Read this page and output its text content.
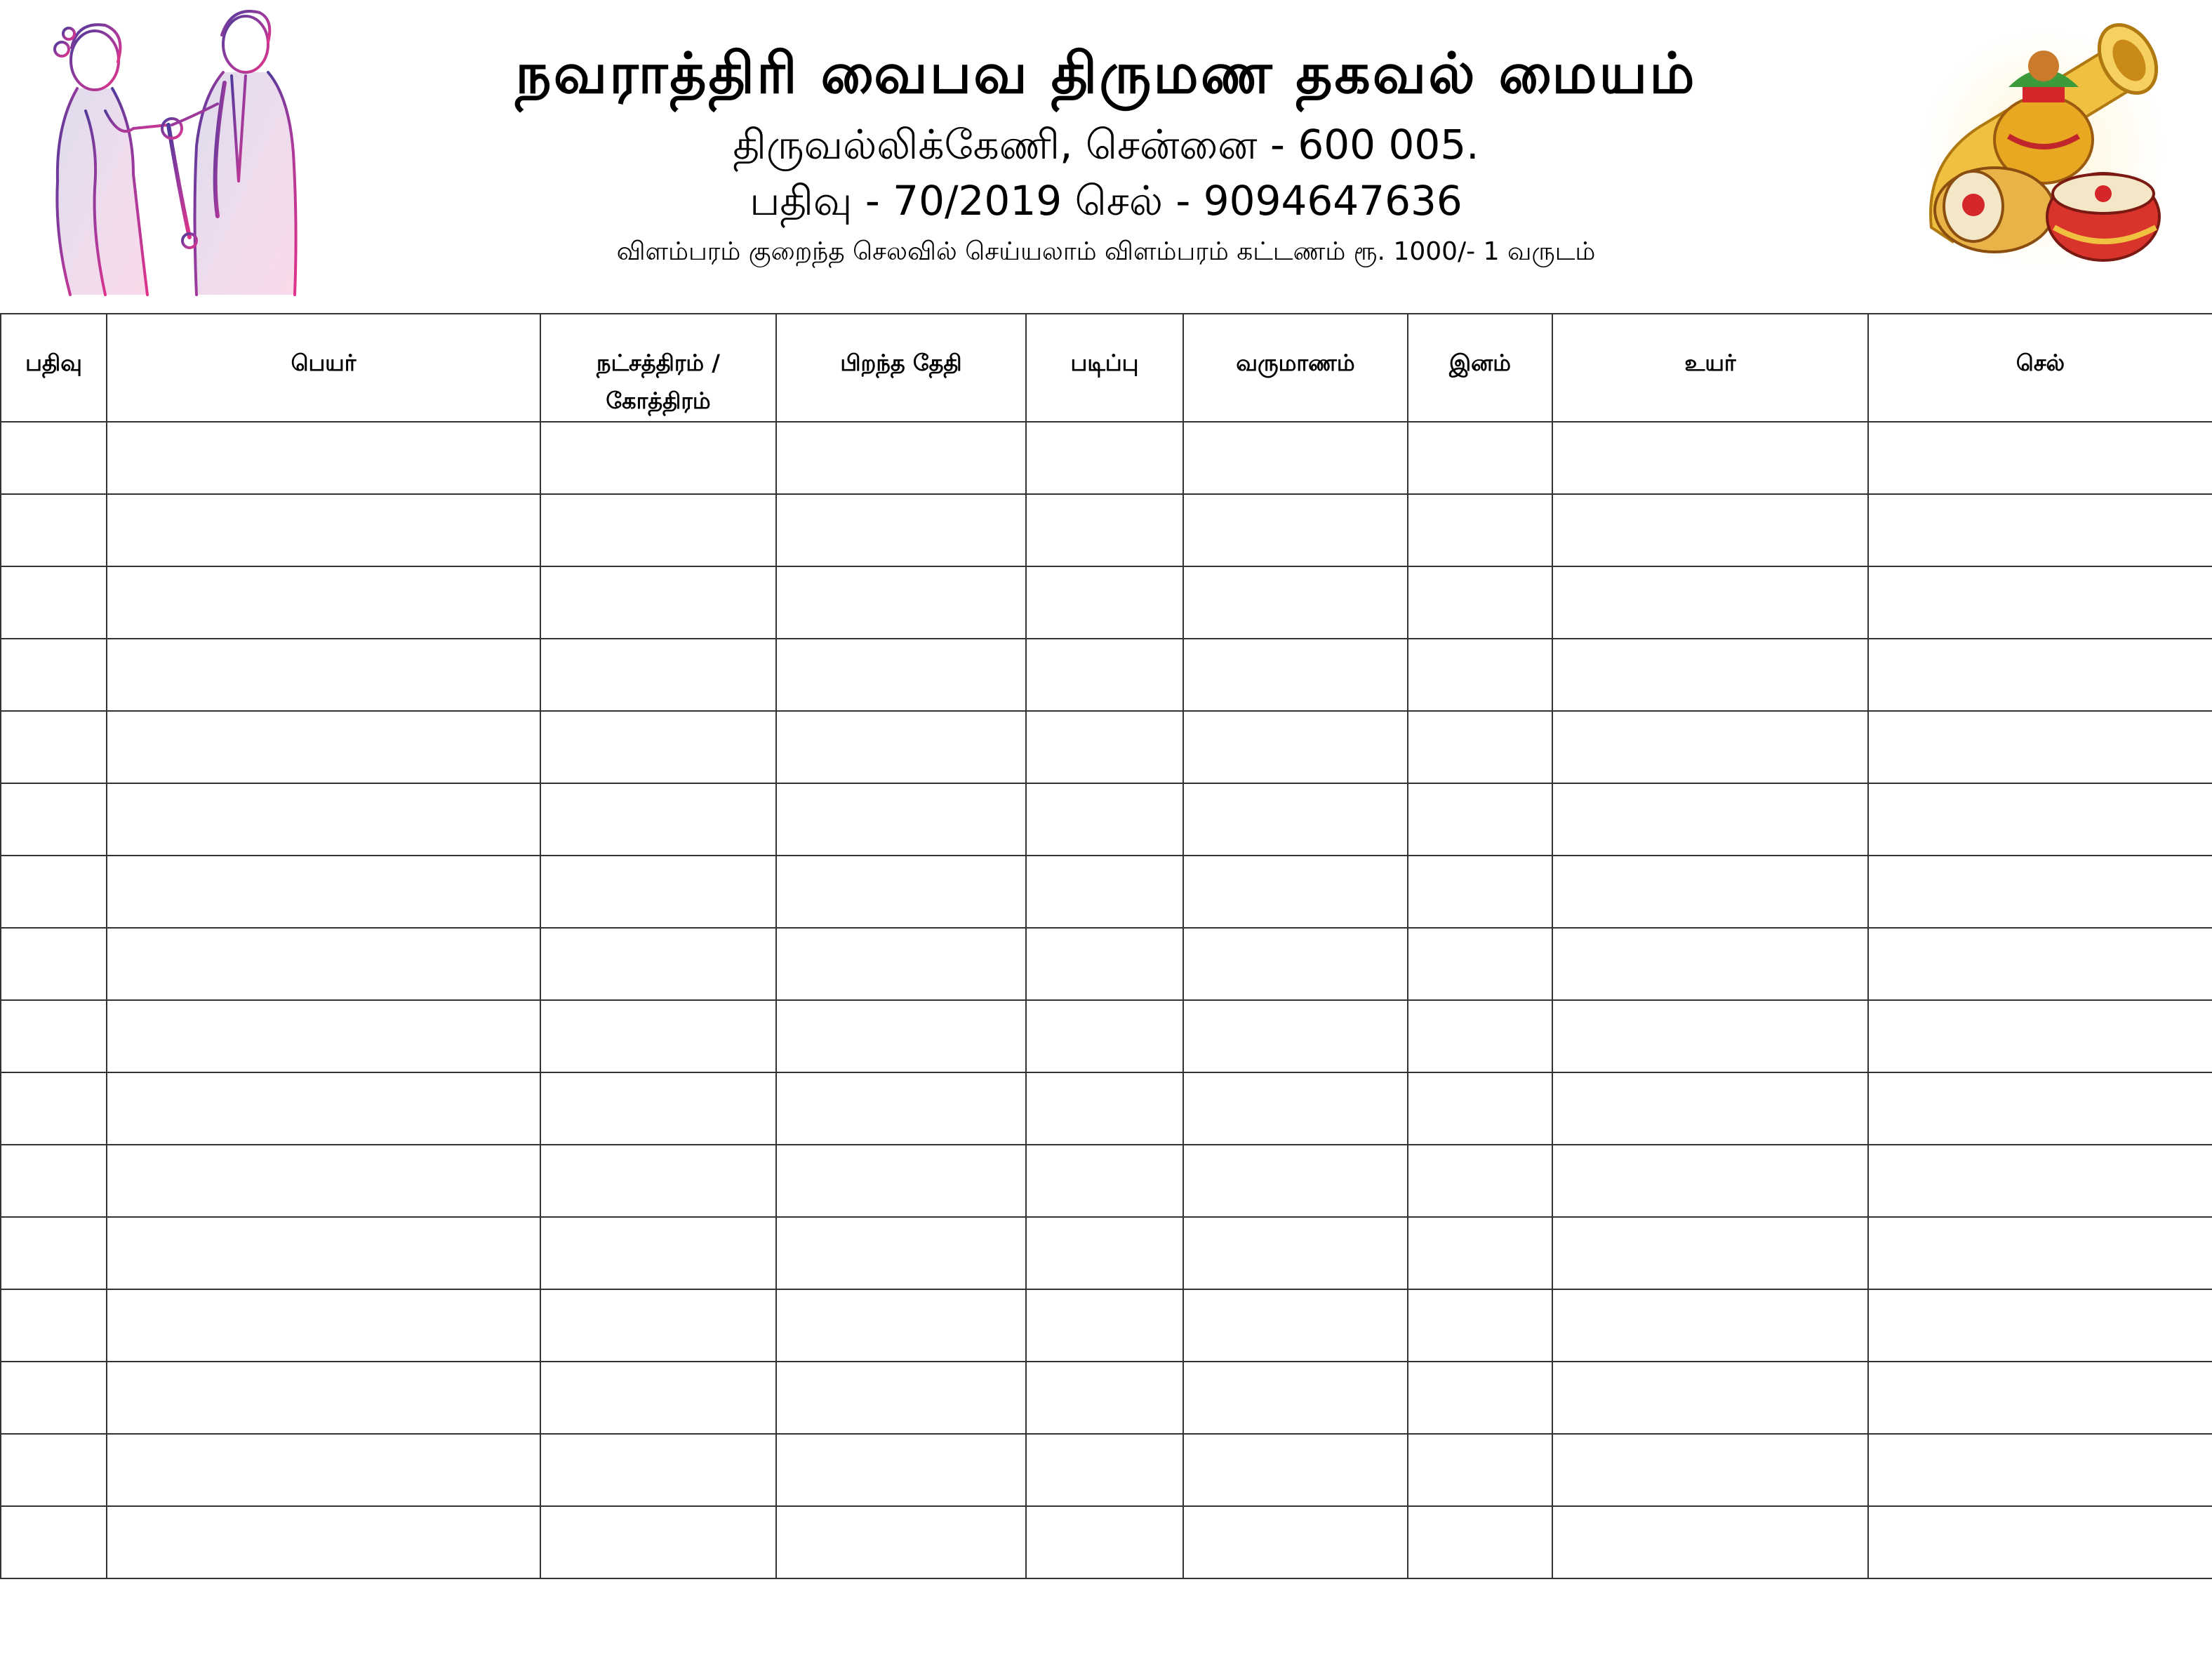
நவராத்திரி வைபவ திருமண தகவல் மையம்
திருவல்லிக்கேணி, சென்னை - 600 005.
பதிவு - 70/2019 செல் - 9094647636
விளம்பரம் குறைந்த செலவில் செய்யலாம் விளம்பரம் கட்டணம் ரூ. 1000/- 1 வருடம்
பதிவு	பெயர்	நட்சத்திரம் / கோத்திரம்	பிறந்த தேதி	படிப்பு	வருமாணம்	இனம்	உயர்	செல்
